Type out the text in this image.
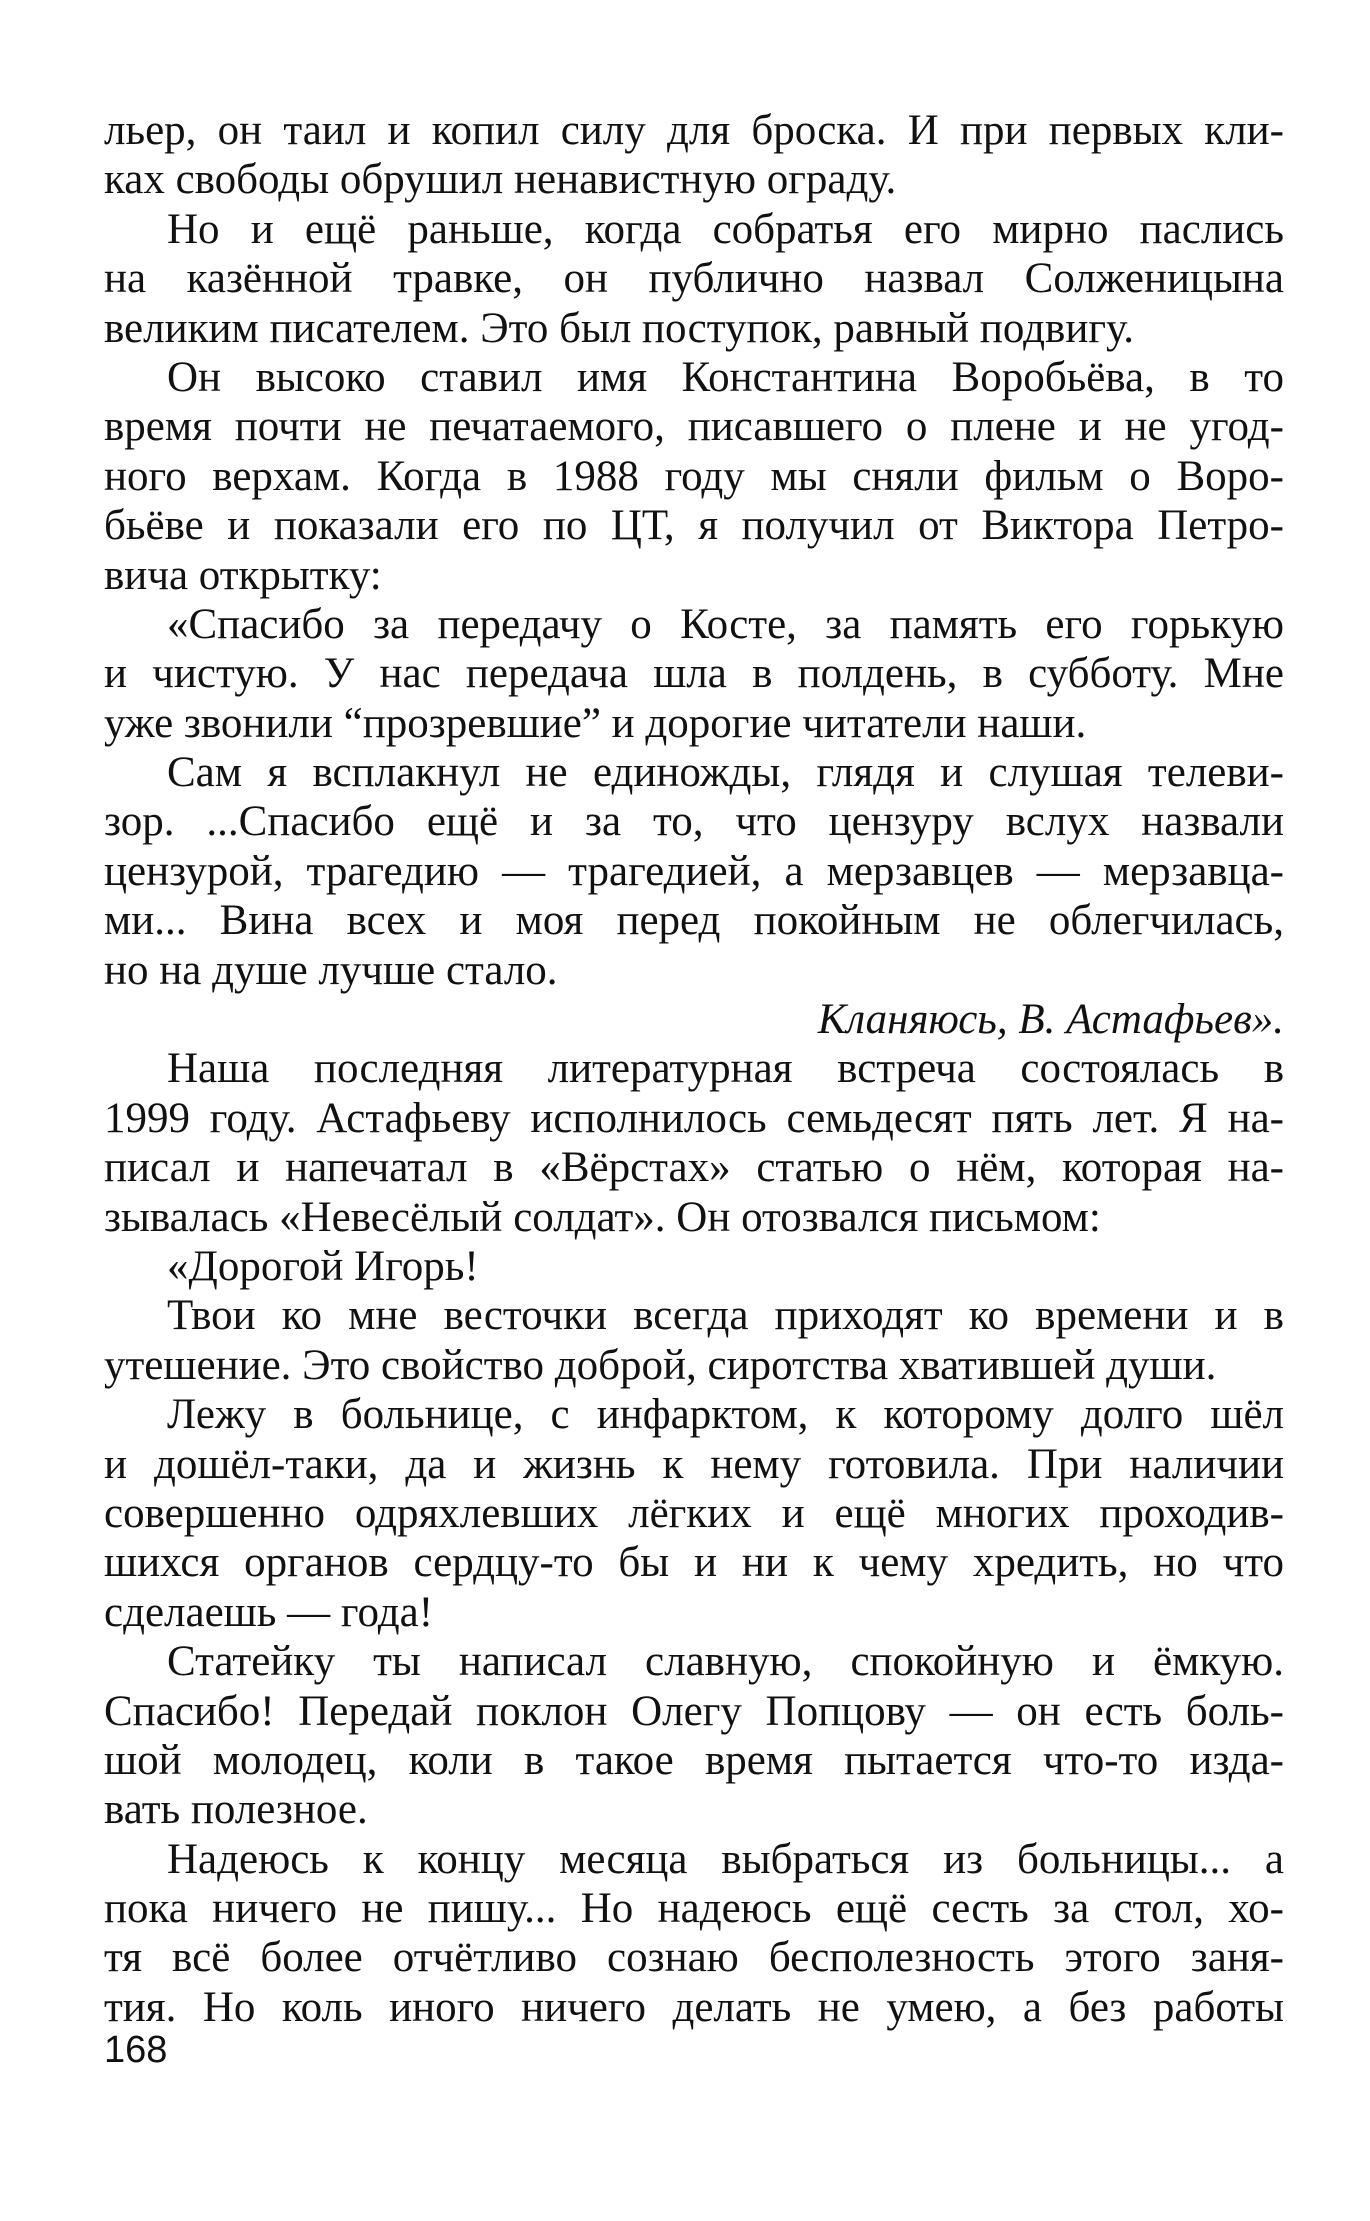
льер, он таил и копил силу для броска. И при первых кли-
ках свободы обрушил ненавистную ограду.
Но и ещё раньше, когда собратья его мирно паслись
на казённой травке, он публично назвал Солженицына
великим писателем. Это был поступок, равный подвигу.
Он высоко ставил имя Константина Воробьёва, в то
время почти не печатаемого, писавшего о плене и не угод-
ного верхам. Когда в 1988 году мы сняли фильм о Воро-
бьёве и показали его по ЦТ, я получил от Виктора Петро-
вича открытку:
«Спасибо за передачу о Косте, за память его горькую
и чистую. У нас передача шла в полдень, в субботу. Мне
уже звонили “прозревшие” и дорогие читатели наши.
Сам я всплакнул не единожды, глядя и слушая телеви-
зор. ...Спасибо ещё и за то, что цензуру вслух назвали
цензурой, трагедию — трагедией, а мерзавцев — мерзавца-
ми... Вина всех и моя перед покойным не облегчилась,
но на душе лучше стало.
Кланяюсь, В. Астафьев».
Наша последняя литературная встреча состоялась в
1999 году. Астафьеву исполнилось семьдесят пять лет. Я на-
писал и напечатал в «Вёрстах» статью о нём, которая на-
зывалась «Невесёлый солдат». Он отозвался письмом:
«Дорогой Игорь!
Твои ко мне весточки всегда приходят ко времени и в
утешение. Это свойство доброй, сиротства хватившей души.
Лежу в больнице, с инфарктом, к которому долго шёл
и дошёл-таки, да и жизнь к нему готовила. При наличии
совершенно одряхлевших лёгких и ещё многих проходив-
шихся органов сердцу-то бы и ни к чему хредить, но что
сделаешь — года!
Статейку ты написал славную, спокойную и ёмкую.
Спасибо! Передай поклон Олегу Попцову — он есть боль-
шой молодец, коли в такое время пытается что-то изда-
вать полезное.
Надеюсь к концу месяца выбраться из больницы... а
пока ничего не пишу... Но надеюсь ещё сесть за стол, хо-
тя всё более отчётливо сознаю бесполезность этого заня-
тия. Но коль иного ничего делать не умею, а без работы
168
